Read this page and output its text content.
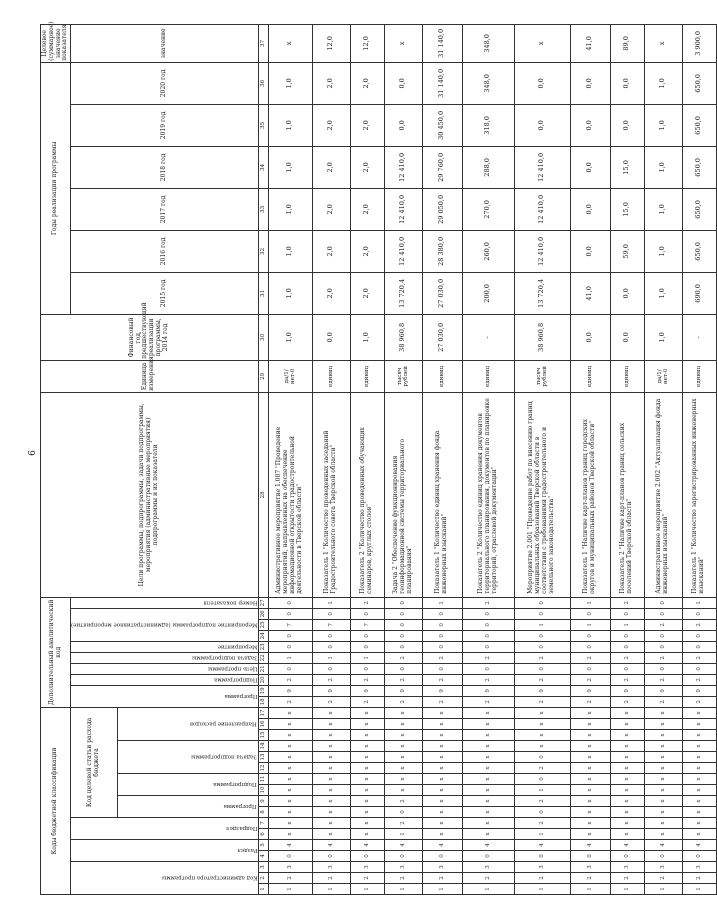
6
Коды бюджетной классификации																	Дополнительный аналитический код										Цели программы, подпрограммы, задачи подпрограммы, мероприятия (административные мероприятия) подпрограммы и их показатели	Единица измерения	Финансовый год, предшествующий реализации программы, 2014 год	Годы реализации программы						Целевое (суммарное) значение показателя
Код администратора программы			Раздел		Подраздел		Код целевой статьи расхода бюджета										Программа		Подпрограмма	Цель программы	Задача подпрограммы	Мероприятие	Мероприятие подпрограммы (административное мероприятие)			Номер показателя				2015 год	2016 год	2017 год	2018 год	2019 год	2020 год	значение
							Программа		Подпрограмма		Задача подпрограммы			Направление расходов																						
1	2	3	4	5	6	7	8	9	10	11	12	13	14	15	16	17	18	19	20	21	22	23	24	25	26	27	28	29	30	31	32	33	34	35	36	37
1	2	3	0	4	x	x	x	x	x	x	x	x	x	x	x	x	2	9	2	0	1	0	0	7	0	0	Административное мероприятие 1.007 "Проведение мероприятий, направленных на обеспечение информационной открытости градостроительной деятельности в Тверской области"	да/1/ нет-0	1,0	1,0	1,0	1,0	1,0	1,0	1,0	х
1	2	3	0	4	x	x	x	x	x	x	x	x	x	x	x	x	2	9	2	0	1	0	0	7	0	1	Показатель 1 "Количество проведенных заседаний Градостроительного совета Тверской области"	единиц	0,0	2,0	2,0	2,0	2,0	2,0	2,0	12,0
1	2	3	0	4	x	x	x	x	x	x	x	x	x	x	x	x	2	9	2	0	1	0	0	7	0	2	Показатель 2 "Количество проведенных обучающих семинаров, круглых столов"	единиц	1,0	2,0	2,0	2,0	2,0	2,0	2,0	12,0
1	2	3	0	4	1	2	0	2	x	x	x	x	x	x	x	x	2	9	2	0	2	0	0	0	0	0	Задача 2 "Обеспечение функционирования геоинформационной системы территориального планирования"	тысяч рублей	38 960,8	13 720,4	12 410,0	12 410,0	12 410,0	0,0	0,0	х
1	2	3	0	4	x	x	x	x	x	x	x	x	x	x	x	x	2	9	2	0	2	0	0	0	0	1	Показатель 1 "Количество единиц хранения фонда инженерных изысканий"	единиц	27 030,0	27 030,0	28 380,0	29 050,0	29 760,0	30 450,0	31 140,0	31 140,0
1	2	3	0	4	x	x	x	x	x	x	x	x	x	x	x	x	2	9	2	0	2	0	0	0	0	2	Показатель 2 "Количество единиц хранения документов территориального планирования, документов по планировке территорий, отраслевой документации"	единиц	-	200,0	260,0	270,0	288,0	318,0	348,0	348,0
1	2	3	0	4	1	2	0	2	1	0	2	0	x	x	x	x	2	9	2	0	2	0	0	1	0	0	Мероприятие 2.001 "Проведение работ по внесению границ муниципальных образований Тверской области в соответствии с требованиями градостроительного и земельного законодательства"	тысяч рублей	38 960,8	13 720,4	12 410,0	12 410,0	12 410,0	0,0	0,0	х
1	2	3	0	4	x	x	x	x	x	x	x	x	x	x	x	x	2	9	2	0	2	0	0	1	0	1	Показатель 1 "Наличие карт-планов границ городских округов и муниципальных районов Тверской области"	единиц	0,0	41,0	0,0	0,0	0,0	0,0	0,0	41,0
1	2	3	0	4	x	x	x	x	x	x	x	x	x	x	x	x	2	9	2	0	2	0	0	1	0	2	Показатель 2 "Наличие карт-планов границ сельских поселений Тверской области"	единиц	0,0	0,0	59,0	15,0	15,0	0,0	0,0	89,0
1	2	3	0	4	x	x	x	x	x	x	x	x	x	x	x	x	2	9	2	0	2	0	0	2	0	0	Административное мероприятие 2.002 "Актуализация фонда инженерных изысканий"	да/1/ нет-0	1,0	1,0	1,0	1,0	1,0	1,0	1,0	х
1	2	3	0	4	x	x	x	x	x	x	x	x	x	x	x	x	2	9	2	0	2	0	0	2	0	1	Показатель 1 "Количество зарегистрированных инженерных изысканий"	единиц	-	690,0	650,0	650,0	650,0	650,0	650,0	3 900,0
